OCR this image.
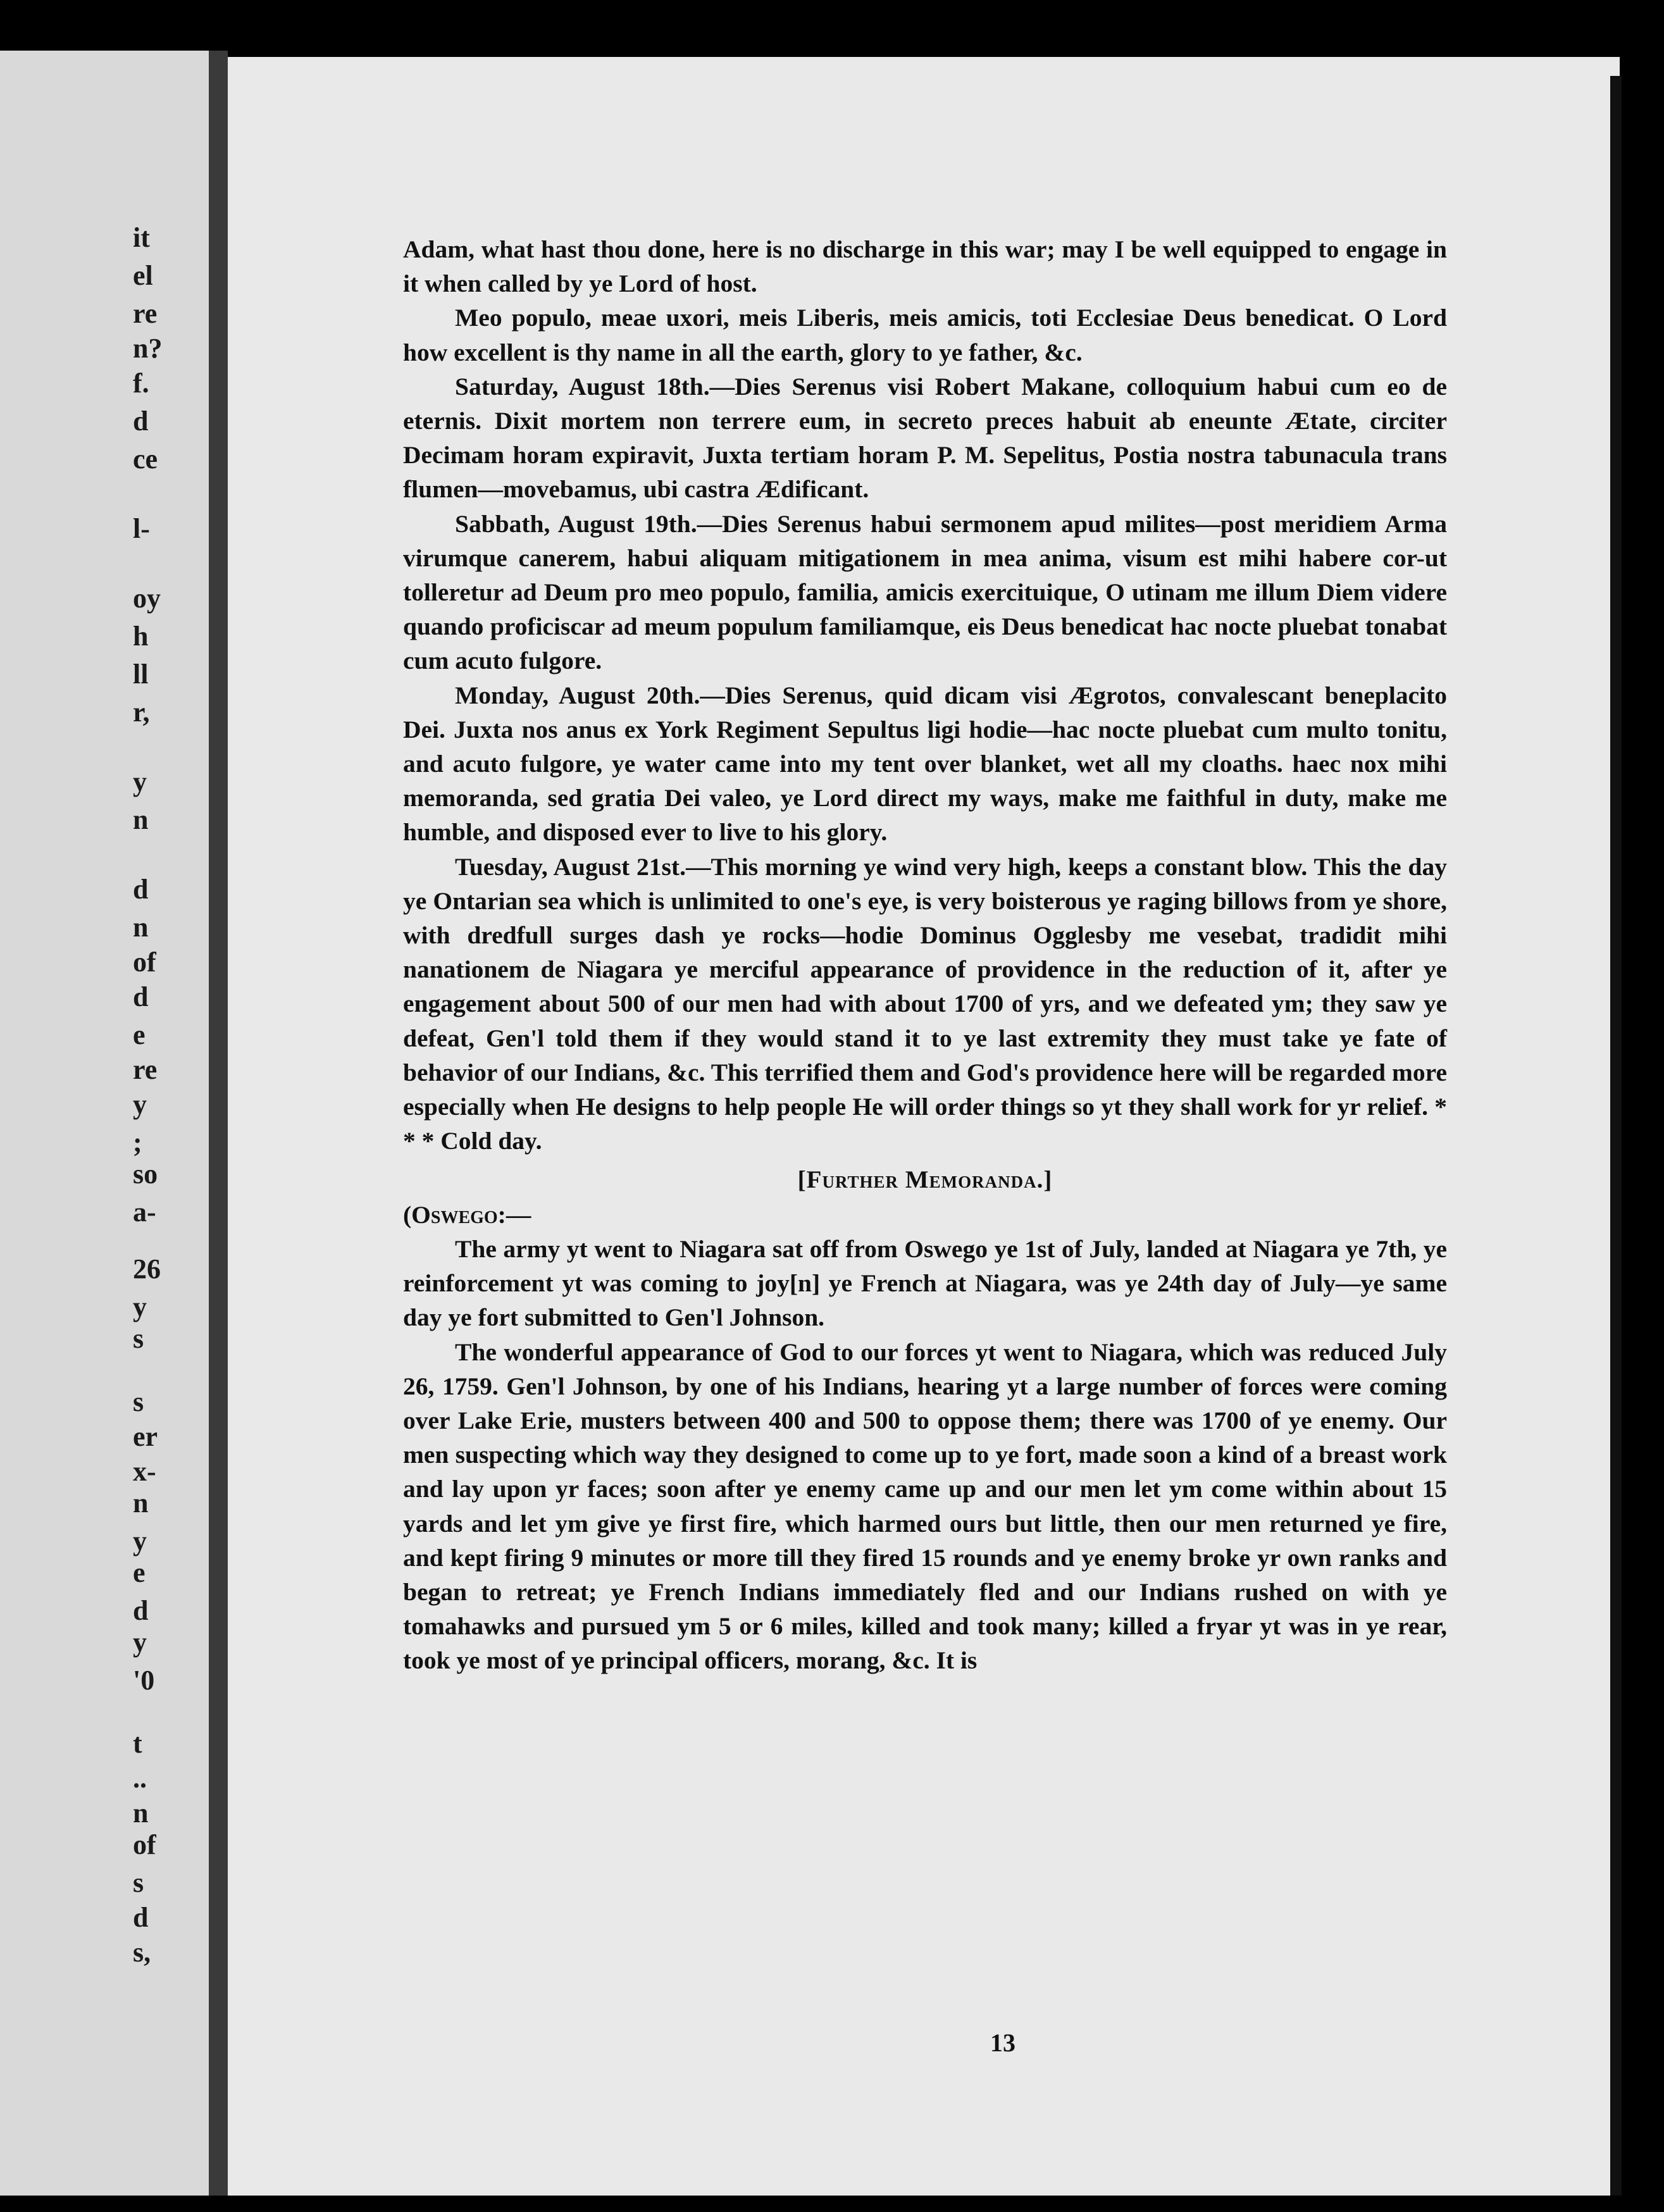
it
el
re
n?
f.
d
ce
l-
oy
h
ll
r,
y
n
d
n
of
d
e
re
y
;
so
a-
26
y
s
s
er
x-
n
y
e
d
y
'0
t
..
n
of
s
d
s,

Adam, what hast thou done, here is no discharge in this war; may I be well equipped to engage in it when called by ye Lord of host.

Meo populo, meae uxori, meis Liberis, meis amicis, toti Ecclesiae Deus benedicat. O Lord how excellent is thy name in all the earth, glory to ye father, &c.

Saturday, August 18th.—Dies Serenus visi Robert Makane, colloquium habui cum eo de eternis. Dixit mortem non terrere eum, in secreto preces habuit ab eneunte Ætate, circiter Decimam horam expiravit, Juxta tertiam horam P. M. Sepelitus, Postia nostra tabunacula trans flumen—movebamus, ubi castra Ædificant.

Sabbath, August 19th.—Dies Serenus habui sermonem apud milites—post meridiem Arma virumque canerem, habui aliquam mitigationem in mea anima, visum est mihi habere cor-ut tolleretur ad Deum pro meo populo, familia, amicis exercituique, O utinam me illum Diem videre quando proficiscar ad meum populum familiamque, eis Deus benedicat hac nocte pluebat tonabat cum acuto fulgore.

Monday, August 20th.—Dies Serenus, quid dicam visi Ægrotos, convalescant beneplacito Dei. Juxta nos anus ex York Regiment Sepultus ligi hodie—hac nocte pluebat cum multo tonitu, and acuto fulgore, ye water came into my tent over blanket, wet all my cloaths. haec nox mihi memoranda, sed gratia Dei valeo, ye Lord direct my ways, make me faithful in duty, make me humble, and disposed ever to live to his glory.

Tuesday, August 21st.—This morning ye wind very high, keeps a constant blow. This the day ye Ontarian sea which is unlimited to one's eye, is very boisterous ye raging billows from ye shore, with dredfull surges dash ye rocks—hodie Dominus Ogglesby me vesebat, tradidit mihi nanationem de Niagara ye merciful appearance of providence in the reduction of it, after ye engagement about 500 of our men had with about 1700 of yrs, and we defeated ym; they saw ye defeat, Gen'l told them if they would stand it to ye last extremity they must take ye fate of behavior of our Indians, &c. This terrified them and God's providence here will be regarded more especially when He designs to help people He will order things so yt they shall work for yr relief. * * * Cold day.

[Further Memoranda.]

(Oswego:—

The army yt went to Niagara sat off from Oswego ye 1st of July, landed at Niagara ye 7th, ye reinforcement yt was coming to joy[n] ye French at Niagara, was ye 24th day of July—ye same day ye fort submitted to Gen'l Johnson.

The wonderful appearance of God to our forces yt went to Niagara, which was reduced July 26, 1759. Gen'l Johnson, by one of his Indians, hearing yt a large number of forces were coming over Lake Erie, musters between 400 and 500 to oppose them; there was 1700 of ye enemy. Our men suspecting which way they designed to come up to ye fort, made soon a kind of a breast work and lay upon yr faces; soon after ye enemy came up and our men let ym come within about 15 yards and let ym give ye first fire, which harmed ours but little, then our men returned ye fire, and kept firing 9 minutes or more till they fired 15 rounds and ye enemy broke yr own ranks and began to retreat; ye French Indians immediately fled and our Indians rushed on with ye tomahawks and pursued ym 5 or 6 miles, killed and took many; killed a fryar yt was in ye rear, took ye most of ye principal officers, morang, &c. It is

13
